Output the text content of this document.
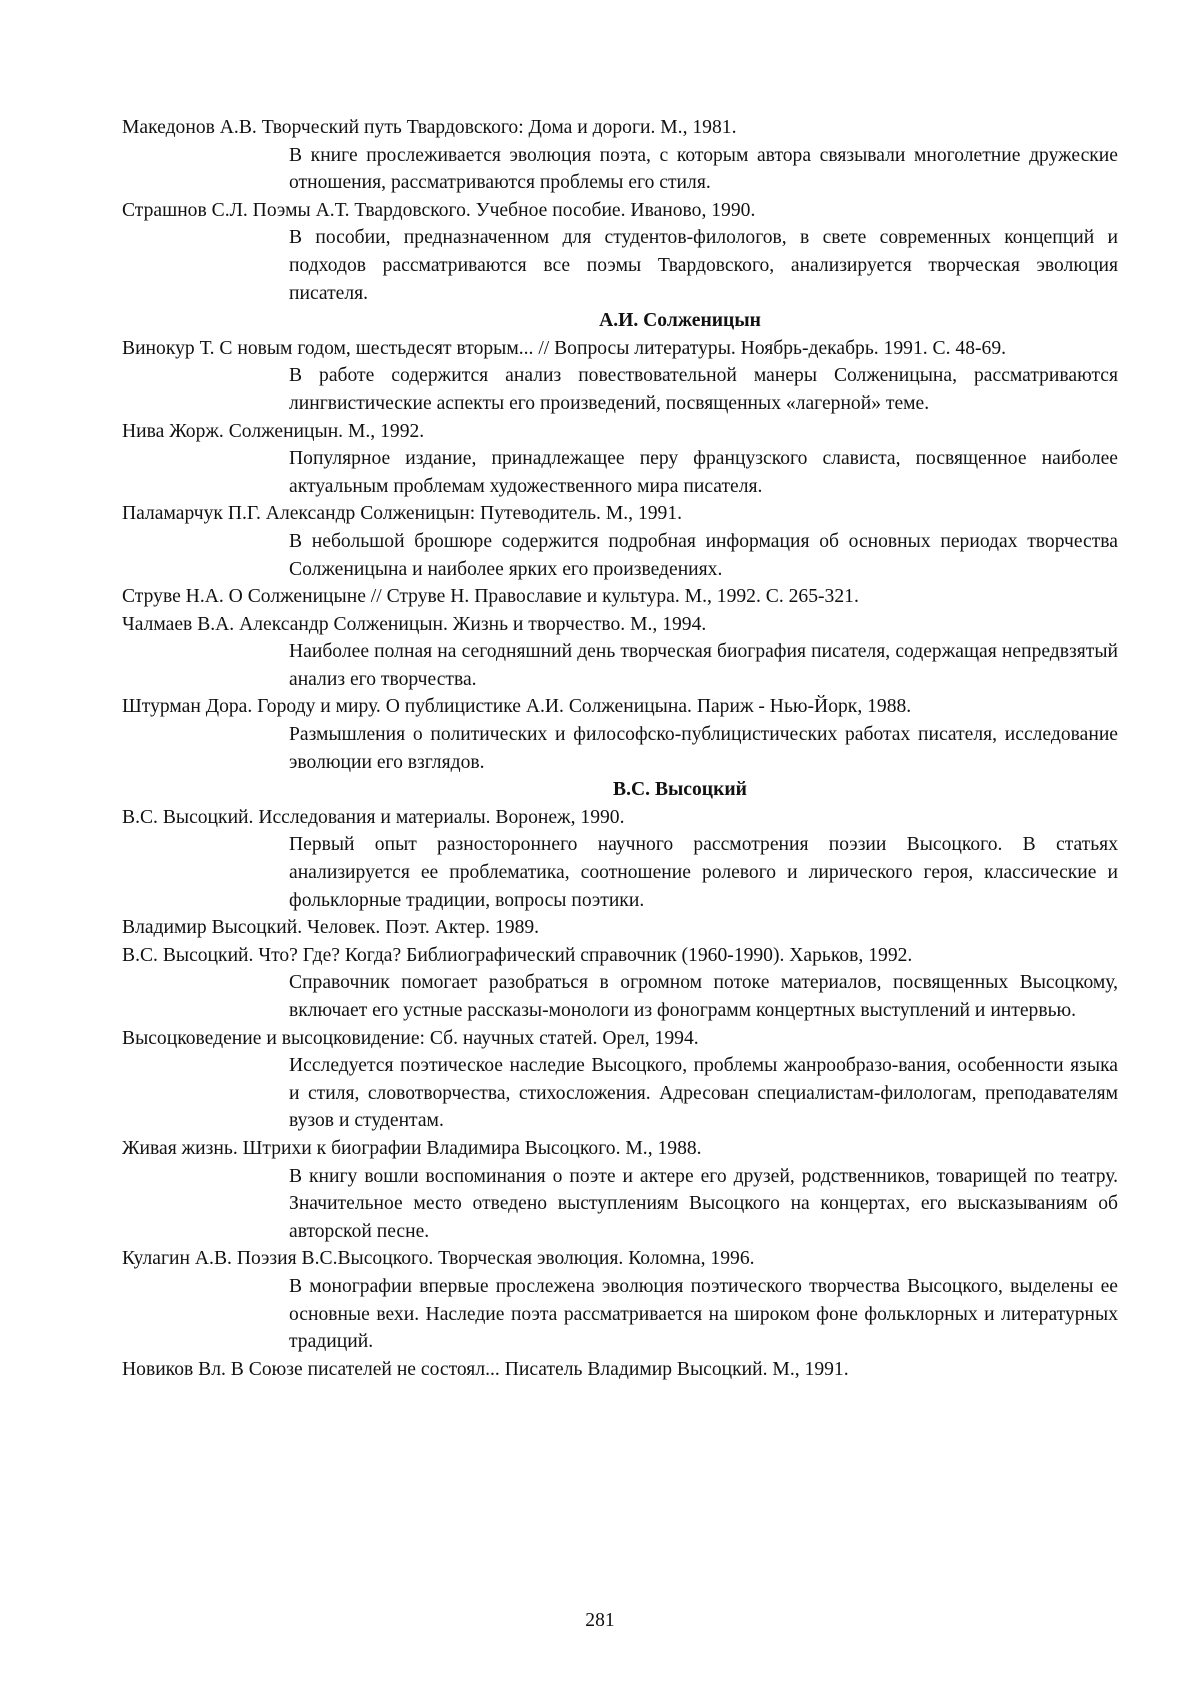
Македонов А.В. Творческий путь Твардовского: Дома и дороги. М., 1981.
В книге прослеживается эволюция поэта, с которым автора связывали многолетние дружеские отношения, рассматриваются проблемы его стиля.
Страшнов С.Л. Поэмы А.Т. Твардовского. Учебное пособие. Иваново, 1990.
В пособии, предназначенном для студентов-филологов, в свете современных концепций и подходов рассматриваются все поэмы Твардовского, анализируется творческая эволюция писателя.
А.И. Солженицын
Винокур Т. С новым годом, шестьдесят вторым... // Вопросы литературы. Ноябрь-декабрь. 1991. С. 48-69.
В работе содержится анализ повествовательной манеры Солженицына, рассматриваются лингвистические аспекты его произведений, посвященных «лагерной» теме.
Нива Жорж. Солженицын. М., 1992.
Популярное издание, принадлежащее перу французского слависта, посвященное наиболее актуальным проблемам художественного мира писателя.
Паламарчук П.Г. Александр Солженицын: Путеводитель. М., 1991.
В небольшой брошюре содержится подробная информация об основных периодах творчества Солженицына и наиболее ярких его произведениях.
Струве Н.А. О Солженицыне // Струве Н. Православие и культура. М., 1992. С. 265-321.
Чалмаев В.А. Александр Солженицын. Жизнь и творчество. М., 1994.
Наиболее полная на сегодняшний день творческая биография писателя, содержащая непредвзятый анализ его творчества.
Штурман Дора. Городу и миру. О публицистике А.И. Солженицына. Париж - Нью-Йорк, 1988.
Размышления о политических и философско-публицистических работах писателя, исследование эволюции его взглядов.
В.С. Высоцкий
В.С. Высоцкий. Исследования и материалы. Воронеж, 1990.
Первый опыт разностороннего научного рассмотрения поэзии Высоцкого. В статьях анализируется ее проблематика, соотношение ролевого и лирического героя, классические и фольклорные традиции, вопросы поэтики.
Владимир Высоцкий. Человек. Поэт. Актер. 1989.
В.С. Высоцкий. Что? Где? Когда? Библиографический справочник (1960-1990). Харьков, 1992.
Справочник помогает разобраться в огромном потоке материалов, посвященных Высоцкому, включает его устные рассказы-монологи из фонограмм концертных выступлений и интервью.
Высоцковедение и высоцковидение: Сб. научных статей. Орел, 1994.
Исследуется поэтическое наследие Высоцкого, проблемы жанрообразо-вания, особенности языка и стиля, словотворчества, стихосложения. Адресован специалистам-филологам, преподавателям вузов и студентам.
Живая жизнь. Штрихи к биографии Владимира Высоцкого. М., 1988.
В книгу вошли воспоминания о поэте и актере его друзей, родственников, товарищей по театру. Значительное место отведено выступлениям Высоцкого на концертах, его высказываниям об авторской песне.
Кулагин А.В. Поэзия В.С.Высоцкого. Творческая эволюция. Коломна, 1996.
В монографии впервые прослежена эволюция поэтического творчества Высоцкого, выделены ее основные вехи. Наследие поэта рассматривается на широком фоне фольклорных и литературных традиций.
Новиков Вл. В Союзе писателей не состоял... Писатель Владимир Высоцкий. М., 1991.
281
